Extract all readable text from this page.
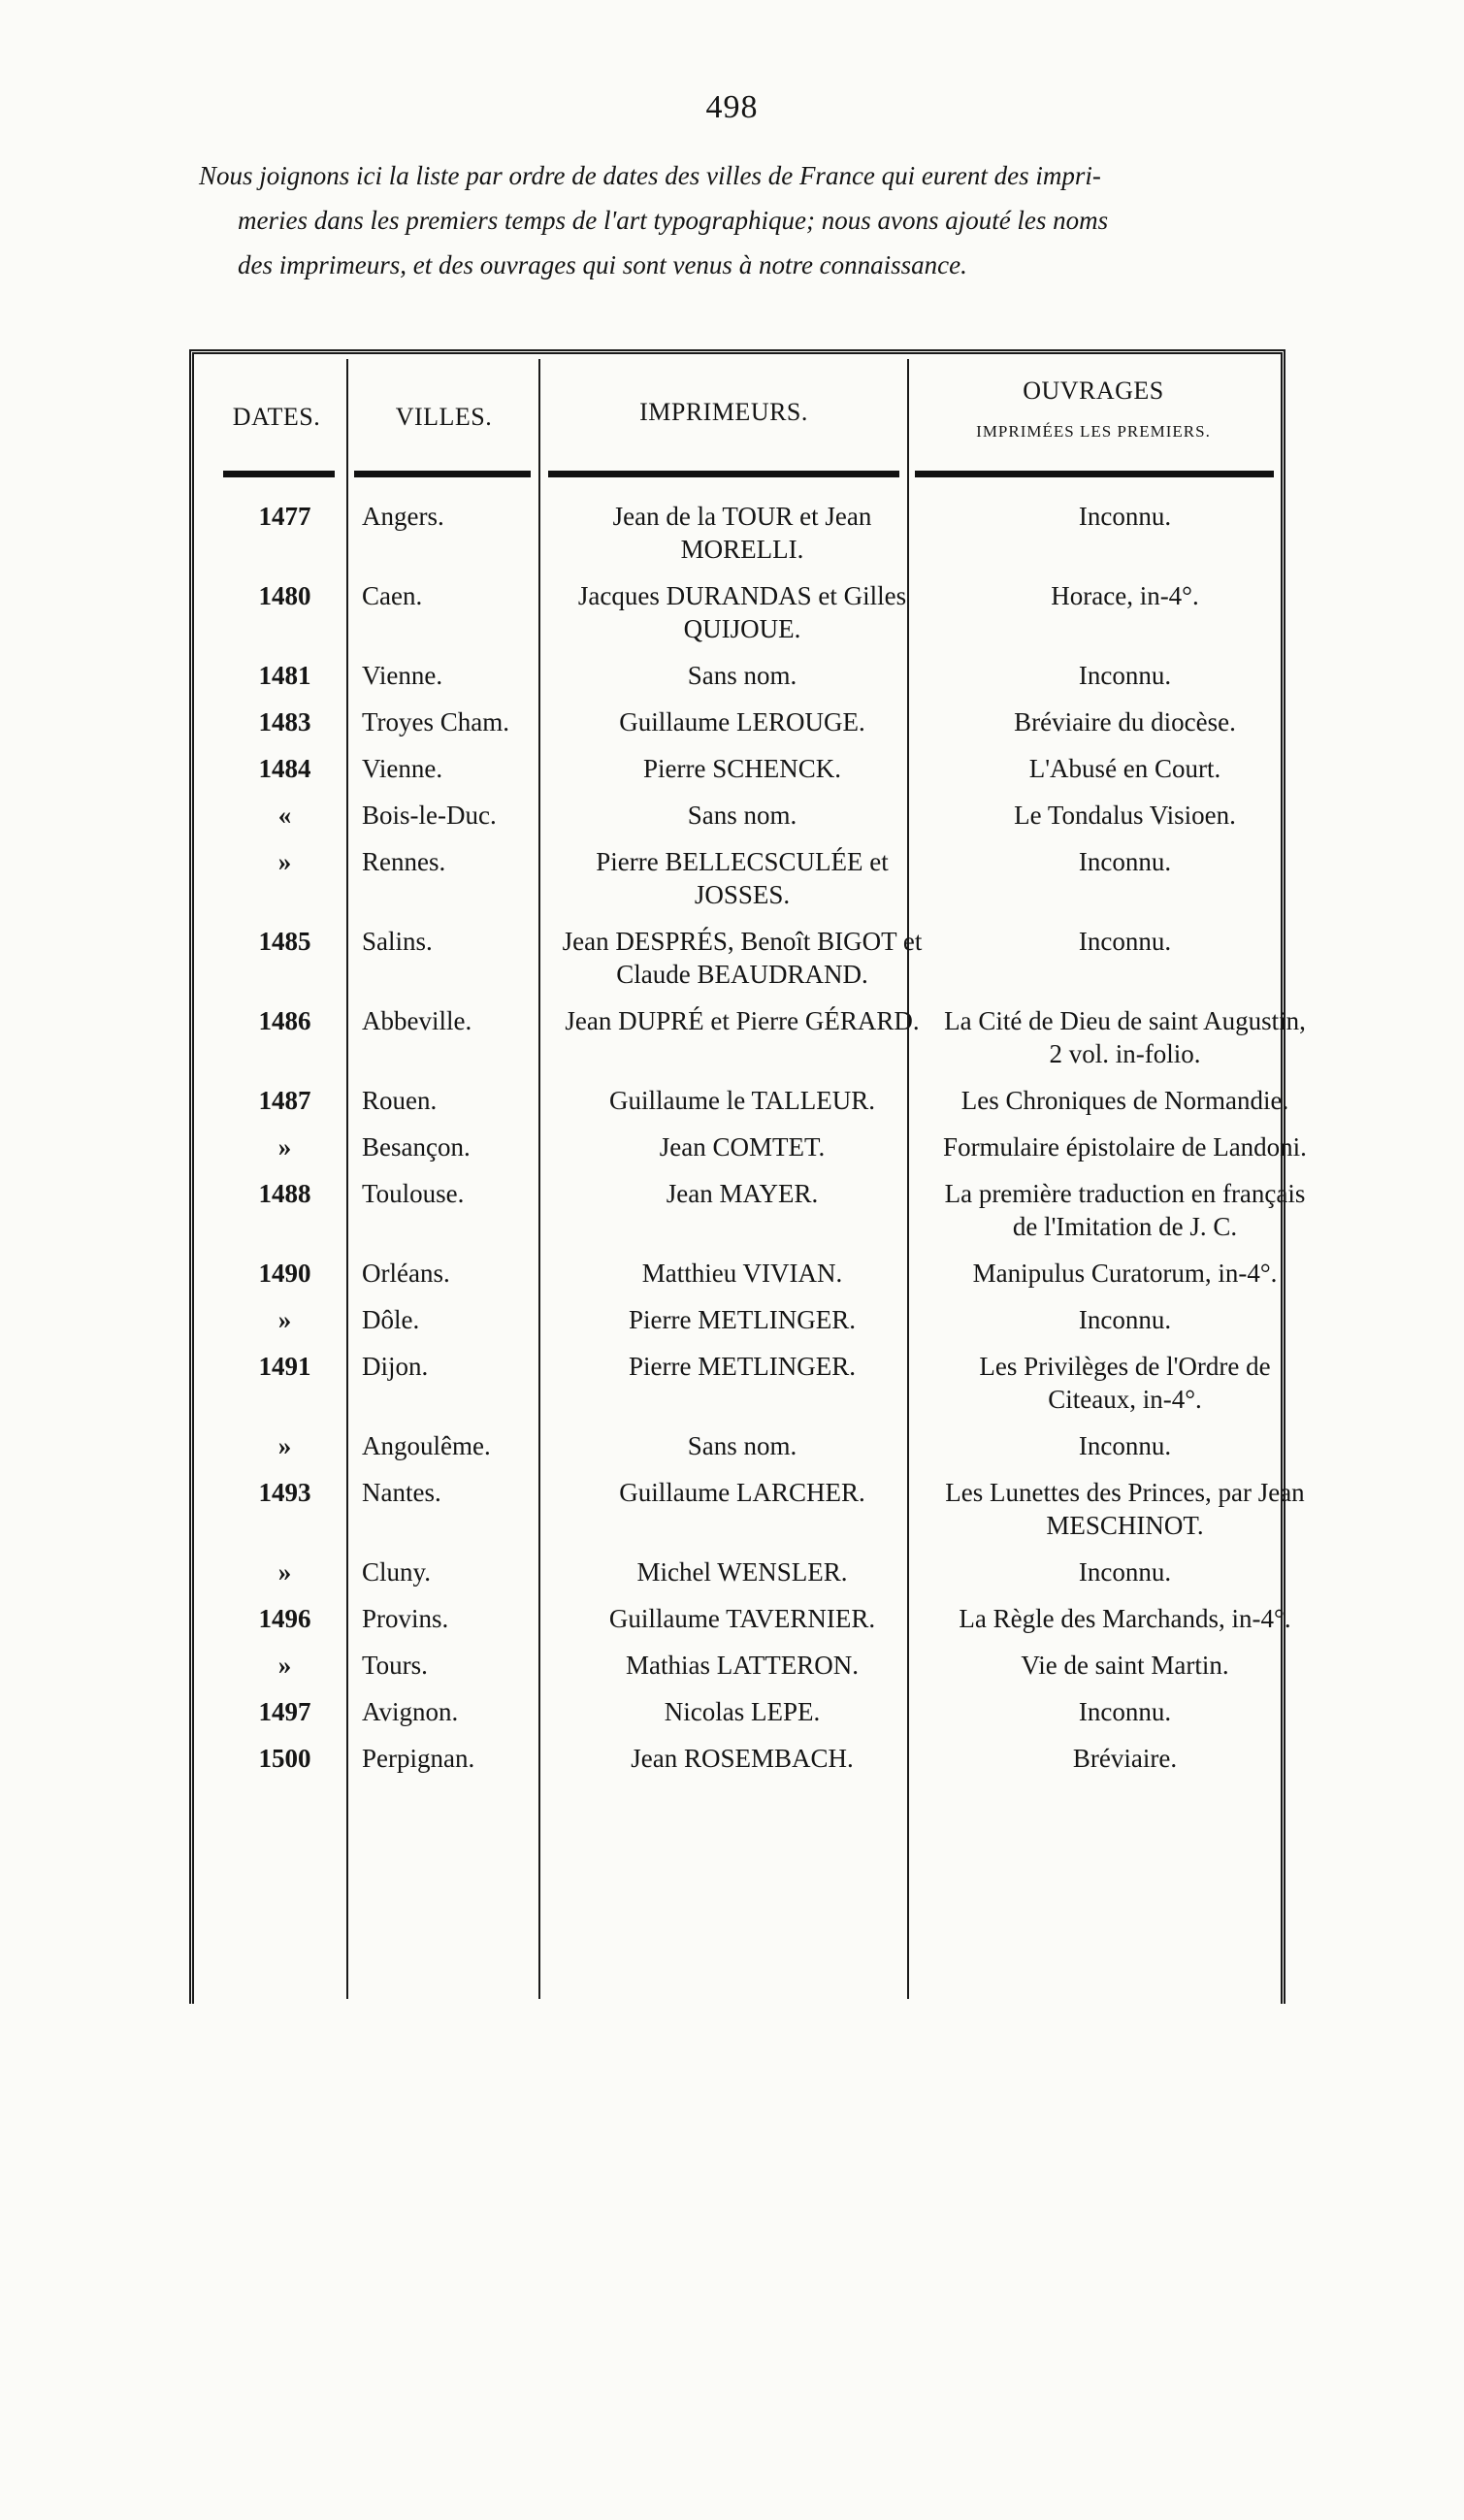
498

Nous joignons ici la liste par ordre de dates des villes de France qui eurent des impri-

meries dans les premiers temps de l'art typographique; nous avons ajouté les noms

des imprimeurs, et des ouvrages qui sont venus à notre connaissance.

DATES.	VILLES.	IMPRIMEURS.
OUVRAGES
IMPRIMÉES LES PREMIERS.
1477	Angers.	Jean de la TOUR et Jean MORELLI.	Inconnu.
1480	Caen.	Jacques DURANDAS et Gilles QUIJOUE.	Horace, in-4°.
1481	Vienne.	Sans nom.	Inconnu.
1483	Troyes Cham.	Guillaume LEROUGE.	Bréviaire du diocèse.
1484	Vienne.	Pierre SCHENCK.	L'Abusé en Court.
«	Bois-le-Duc.	Sans nom.	Le Tondalus Visioen.
»	Rennes.	Pierre BELLECSCULÉE et JOSSES.	Inconnu.
1485	Salins.	Jean DESPRÉS, Benoît BIGOT et Claude BEAUDRAND.	Inconnu.
1486	Abbeville.	Jean DUPRÉ et Pierre GÉRARD.	La Cité de Dieu de saint Augustin, 2 vol. in-folio.
1487	Rouen.	Guillaume le TALLEUR.	Les Chroniques de Normandie.
»	Besançon.	Jean COMTET.	Formulaire épistolaire de Landoni.
1488	Toulouse.	Jean MAYER.	La première traduction en français de l'Imitation de J. C.
1490	Orléans.	Matthieu VIVIAN.	Manipulus Curatorum, in-4°.
»	Dôle.	Pierre METLINGER.	Inconnu.
1491	Dijon.	Pierre METLINGER.	Les Privilèges de l'Ordre de Citeaux, in-4°.
»	Angoulême.	Sans nom.	Inconnu.
1493	Nantes.	Guillaume LARCHER.	Les Lunettes des Princes, par Jean MESCHINOT.
»	Cluny.	Michel WENSLER.	Inconnu.
1496	Provins.	Guillaume TAVERNIER.	La Règle des Marchands, in-4°.
»	Tours.	Mathias LATTERON.	Vie de saint Martin.
1497	Avignon.	Nicolas LEPE.	Inconnu.
1500	Perpignan.	Jean ROSEMBACH.	Bréviaire.
